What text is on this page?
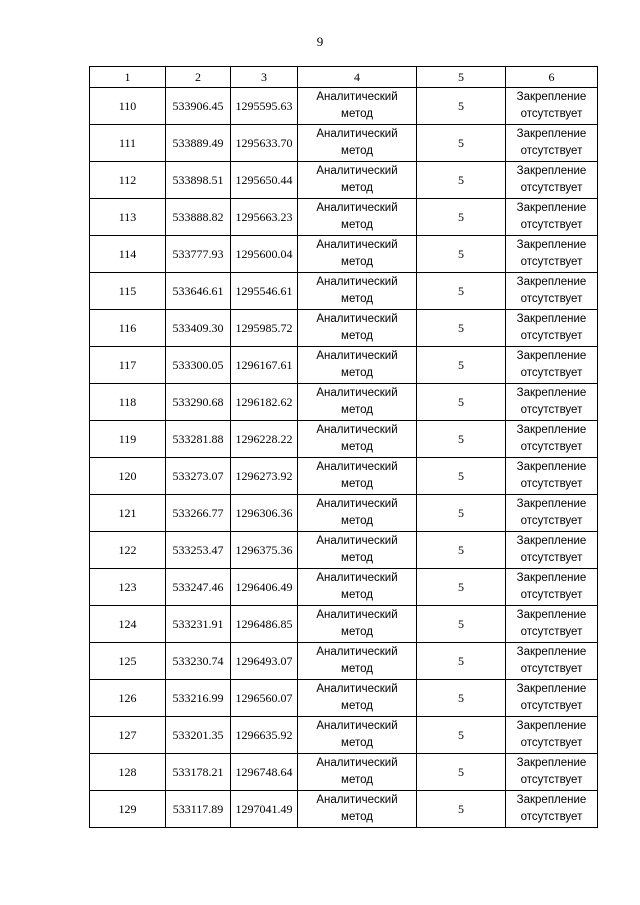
9
1	2	3	4	5	6
110	533906.45	1295595.63	Аналитический
метод	5	Закрепление
отсутствует

111	533889.49	1295633.70	Аналитический
метод	5	Закрепление
отсутствует

112	533898.51	1295650.44	Аналитический
метод	5	Закрепление
отсутствует

113	533888.82	1295663.23	Аналитический
метод	5	Закрепление
отсутствует

114	533777.93	1295600.04	Аналитический
метод	5	Закрепление
отсутствует

115	533646.61	1295546.61	Аналитический
метод	5	Закрепление
отсутствует

116	533409.30	1295985.72	Аналитический
метод	5	Закрепление
отсутствует

117	533300.05	1296167.61	Аналитический
метод	5	Закрепление
отсутствует

118	533290.68	1296182.62	Аналитический
метод	5	Закрепление
отсутствует

119	533281.88	1296228.22	Аналитический
метод	5	Закрепление
отсутствует

120	533273.07	1296273.92	Аналитический
метод	5	Закрепление
отсутствует

121	533266.77	1296306.36	Аналитический
метод	5	Закрепление
отсутствует

122	533253.47	1296375.36	Аналитический
метод	5	Закрепление
отсутствует

123	533247.46	1296406.49	Аналитический
метод	5	Закрепление
отсутствует

124	533231.91	1296486.85	Аналитический
метод	5	Закрепление
отсутствует

125	533230.74	1296493.07	Аналитический
метод	5	Закрепление
отсутствует

126	533216.99	1296560.07	Аналитический
метод	5	Закрепление
отсутствует

127	533201.35	1296635.92	Аналитический
метод	5	Закрепление
отсутствует

128	533178.21	1296748.64	Аналитический
метод	5	Закрепление
отсутствует

129	533117.89	1297041.49	Аналитический
метод	5	Закрепление
отсутствует
